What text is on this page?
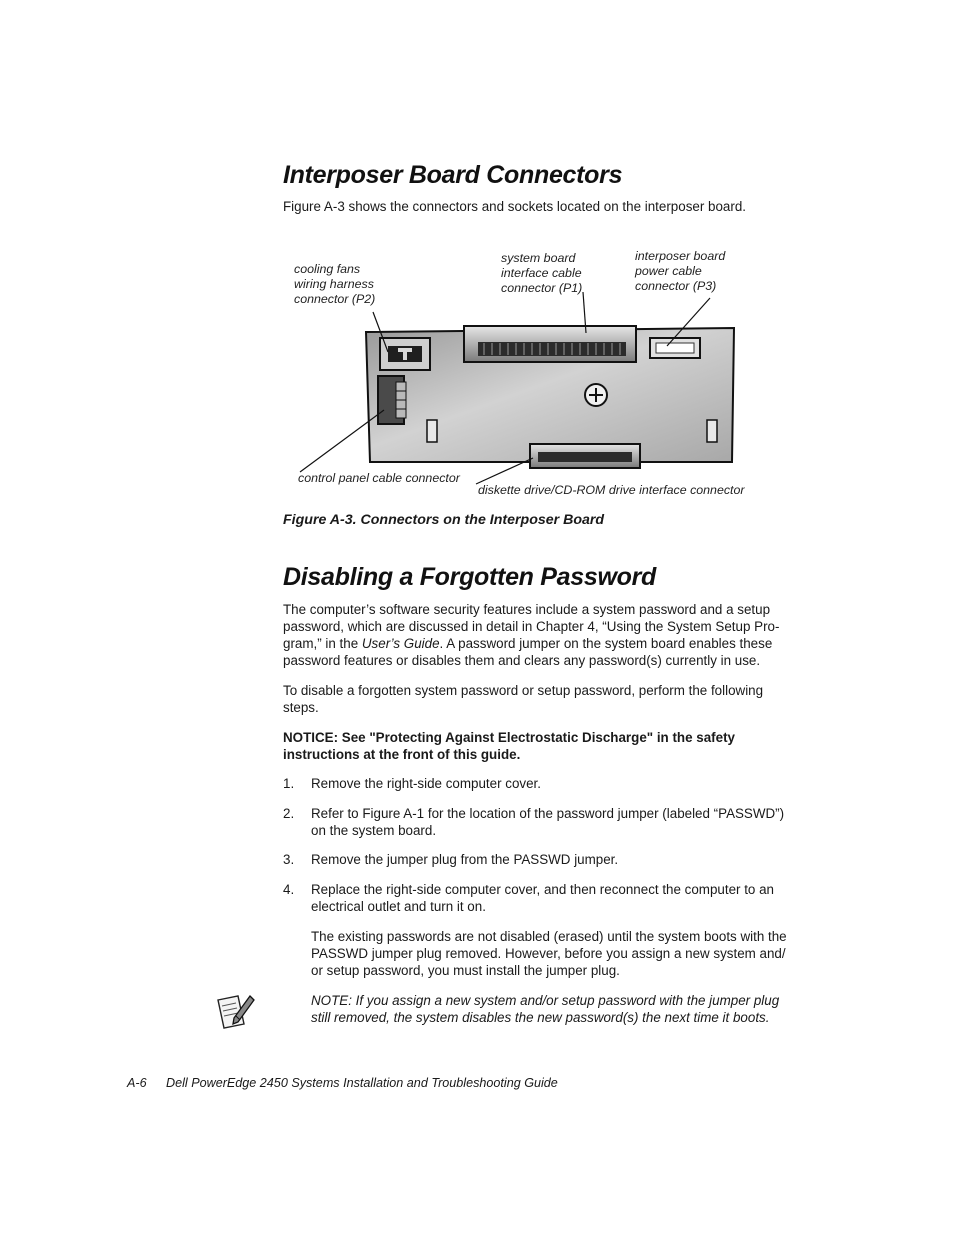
Interposer Board Connectors
Figure A-3 shows the connectors and sockets located on the interposer board.
cooling fans
wiring harness
connector (P2)
system board
interface cable
connector (P1)
interposer board
power cable
connector (P3)
control panel cable connector
diskette drive/CD-ROM drive interface connector
Figure A-3. Connectors on the Interposer Board
Disabling a Forgotten Password
The computer’s software security features include a system password and a setup
password, which are discussed in detail in Chapter 4, “Using the System Setup Pro-
gram,” in the User’s Guide. A password jumper on the system board enables these
password features or disables them and clears any password(s) currently in use.
To disable a forgotten system password or setup password, perform the following
steps.
NOTICE: See "Protecting Against Electrostatic Discharge" in the safety
instructions at the front of this guide.
1.	Remove the right-side computer cover.
2.	Refer to Figure A-1 for the location of the password jumper (labeled “PASSWD”)
on the system board.
3.	Remove the jumper plug from the PASSWD jumper.
4.	Replace the right-side computer cover, and then reconnect the computer to an
electrical outlet and turn it on.
The existing passwords are not disabled (erased) until the system boots with the
PASSWD jumper plug removed. However, before you assign a new system and/
or setup password, you must install the jumper plug.
NOTE: If you assign a new system and/or setup password with the jumper plug
still removed, the system disables the new password(s) the next time it boots.
A-6 Dell PowerEdge 2450 Systems Installation and Troubleshooting Guide
